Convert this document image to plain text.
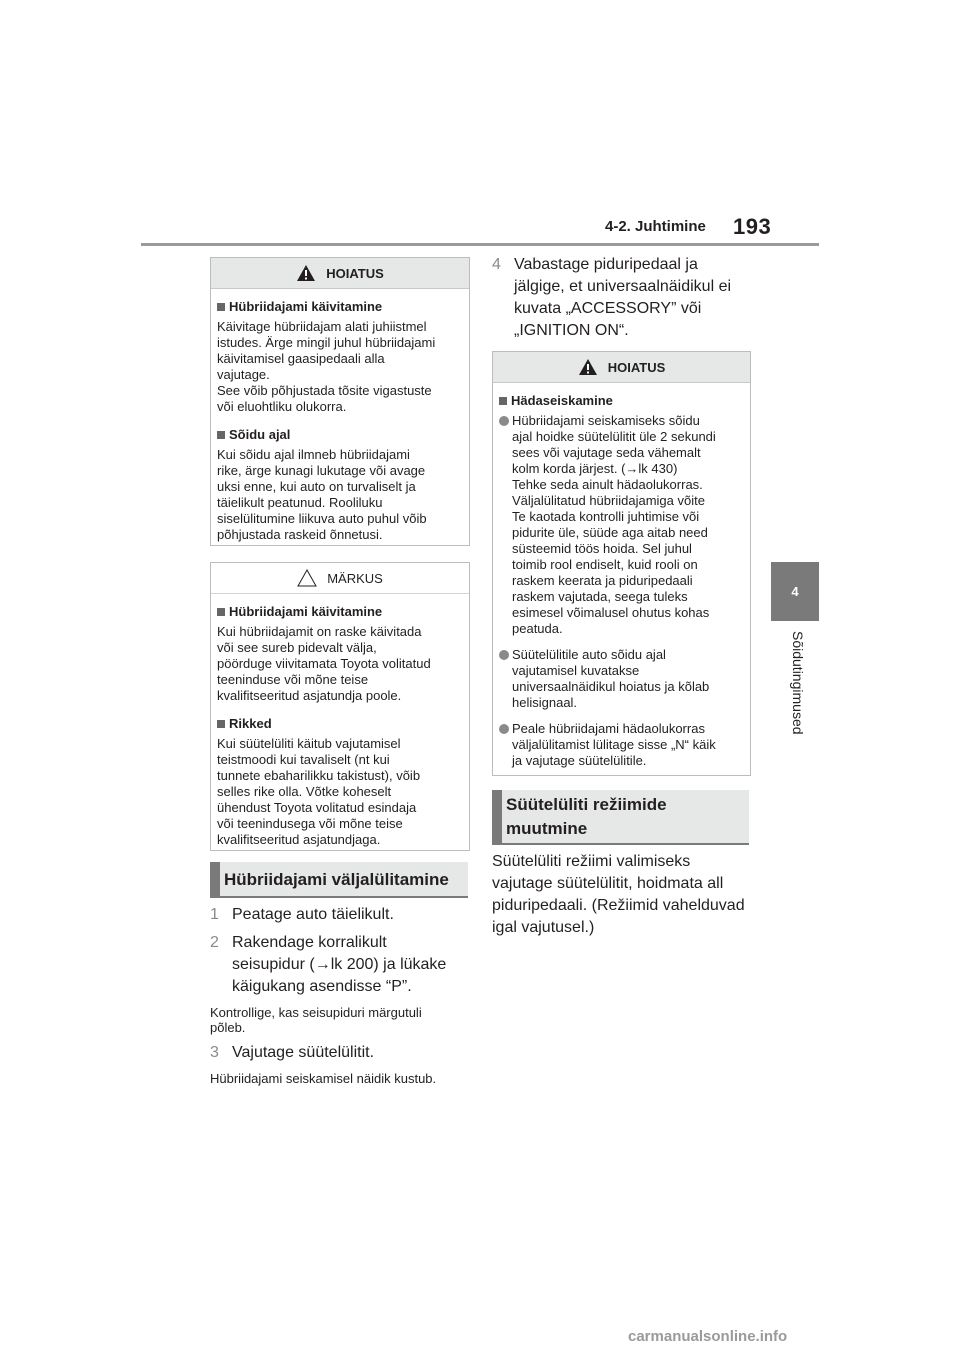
4-2. Juhtimine 193
4
Sõidutingimused
HOIATUS
Hübriidajami käivitamine

Käivitage hübriidajam alati juhiistmel
istudes. Ärge mingil juhul hübriidajami
käivitamisel gaasipedaali alla
vajutage.
See võib põhjustada tõsite vigastuste
või eluohtliku olukorra.

Sõidu ajal

Kui sõidu ajal ilmneb hübriidajami
rike, ärge kunagi lukutage või avage
uksi enne, kui auto on turvaliselt ja
täielikult peatunud. Rooliluku
siselülitumine liikuva auto puhul võib
põhjustada raskeid õnnetusi.

MÄRKUS
Hübriidajami käivitamine

Kui hübriidajamit on raske käivitada
või see sureb pidevalt välja,
pöörduge viivitamata Toyota volitatud
teeninduse või mõne teise
kvalifitseeritud asjatundja poole.

Rikked

Kui süütelüliti käitub vajutamisel
teistmoodi kui tavaliselt (nt kui
tunnete ebaharilikku takistust), võib
selles rike olla. Võtke koheselt
ühendust Toyota volitatud esindaja
või teenindusega või mõne teise
kvalifitseeritud asjatundjaga.

Hübriidajami väljalülitamine
1 Peatage auto täielikult.
2 Rakendage korralikult
seisupidur (→lk 200) ja lükake
käigukang asendisse “P”.
Kontrollige, kas seisupiduri märgutuli
põleb.
3 Vajutage süütelülitit.
Hübriidajami seiskamisel näidik kustub.
4 Vabastage piduripedaal ja
jälgige, et universaalnäidikul ei
kuvata „ACCESSORY” või
„IGNITION ON“.
HOIATUS
Hädaseiskamine
Hübriidajami seiskamiseks sõidu
ajal hoidke süütelülitit üle 2 sekundi
sees või vajutage seda vähemalt
kolm korda järjest. (→lk 430)
Tehke seda ainult hädaolukorras.
Väljalülitatud hübriidajamiga võite
Te kaotada kontrolli juhtimise või
pidurite üle, süüde aga aitab need
süsteemid töös hoida. Sel juhul
toimib rool endiselt, kuid rooli on
raskem keerata ja piduripedaali
raskem vajutada, seega tuleks
esimesel võimalusel ohutus kohas
peatuda.
Süütelülitile auto sõidu ajal
vajutamisel kuvatakse
universaalnäidikul hoiatus ja kõlab
helisignaal.
Peale hübriidajami hädaolukorras
väljalülitamist lülitage sisse „N“ käik
ja vajutage süütelülitile.
Süütelüliti režiimide
muutmine
Süütelüliti režiimi valimiseks
vajutage süütelülitit, hoidmata all
piduripedaali. (Režiimid vahelduvad
igal vajutusel.)
carmanualsonline.info
